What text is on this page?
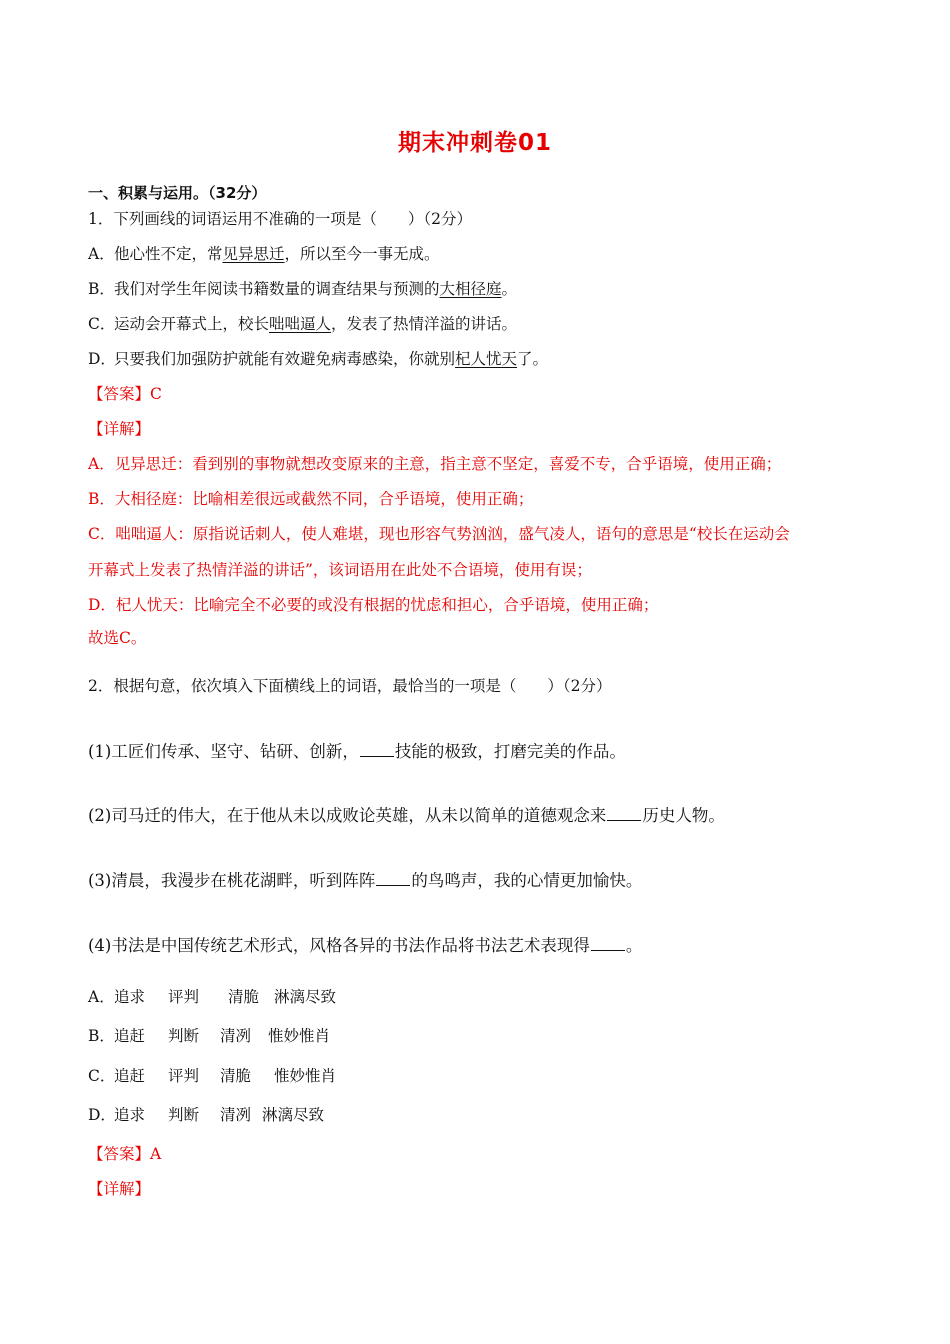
期末冲刺卷01
一、积累与运用。（32分）
1．下列画线的词语运用不准确的一项是（　　）（2分）
A．他心性不定，常见异思迁，所以至今一事无成。
B．我们对学生年阅读书籍数量的调查结果与预测的大相径庭。
C．运动会开幕式上，校长咄咄逼人，发表了热情洋溢的讲话。
D．只要我们加强防护就能有效避免病毒感染，你就别杞人忧天了。
【答案】C
【详解】
A．见异思迁：看到别的事物就想改变原来的主意，指主意不坚定，喜爱不专，合乎语境，使用正确；
B．大相径庭：比喻相差很远或截然不同，合乎语境，使用正确；
C．咄咄逼人：原指说话刺人，使人难堪，现也形容气势汹汹，盛气凌人，语句的意思是“校长在运动会
开幕式上发表了热情洋溢的讲话”，该词语用在此处不合语境，使用有误；
D．杞人忧天：比喻完全不必要的或没有根据的忧虑和担心，合乎语境，使用正确；
故选C。
2．根据句意，依次填入下面横线上的词语，最恰当的一项是（　　）（2分）
(1)工匠们传承、坚守、钻研、创新， 技能的极致，打磨完美的作品。
(2)司马迁的伟大，在于他从未以成败论英雄，从未以简单的道德观念来 历史人物。
(3)清晨，我漫步在桃花湖畔，听到阵阵 的鸟鸣声，我的心情更加愉快。
(4)书法是中国传统艺术形式，风格各异的书法作品将书法艺术表现得 。
A．追求 评判 清脆 淋漓尽致
B．追赶 判断 清冽 惟妙惟肖
C．追赶 评判 清脆 惟妙惟肖
D．追求 判断 清冽 淋漓尽致
【答案】A
【详解】
